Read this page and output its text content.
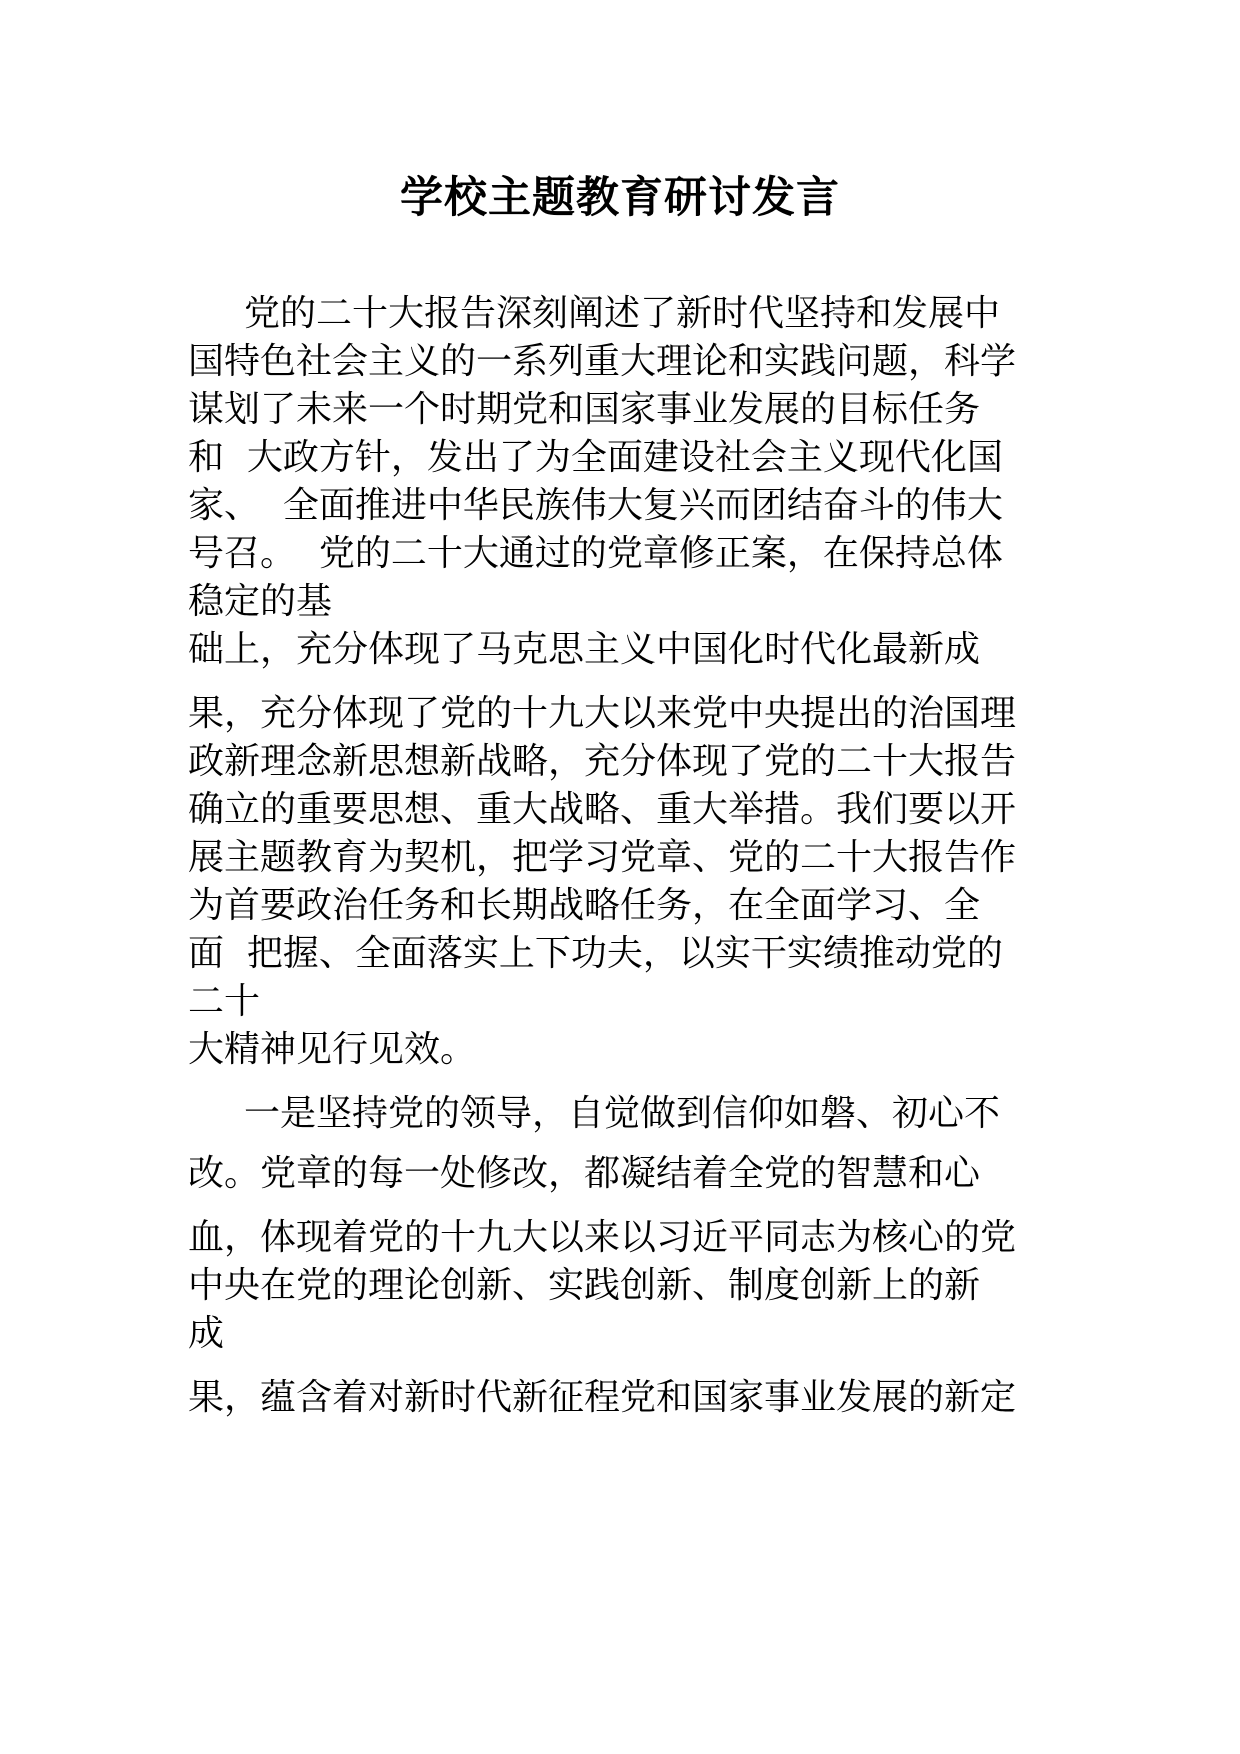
学校主题教育研讨发言
党的二十大报告深刻阐述了新时代坚持和发展中
国特色社会主义的一系列重大理论和实践问题，科学
谋划了未来一个时期党和国家事业发展的目标任务
和  大政方针，发出了为全面建设社会主义现代化国
家、  全面推进中华民族伟大复兴而团结奋斗的伟大
号召。  党的二十大通过的党章修正案，在保持总体
稳定的基
础上，充分体现了马克思主义中国化时代化最新成
果，充分体现了党的十九大以来党中央提出的治国理
政新理念新思想新战略，充分体现了党的二十大报告
确立的重要思想、重大战略、重大举措。我们要以开
展主题教育为契机，把学习党章、党的二十大报告作
为首要政治任务和长期战略任务，在全面学习、全
面  把握、全面落实上下功夫，以实干实绩推动党的
二十
大精神见行见效。
一是坚持党的领导，自觉做到信仰如磐、初心不
改。党章的每一处修改，都凝结着全党的智慧和心
血，体现着党的十九大以来以习近平同志为核心的党
中央在党的理论创新、实践创新、制度创新上的新
成
果，蕴含着对新时代新征程党和国家事业发展的新定
